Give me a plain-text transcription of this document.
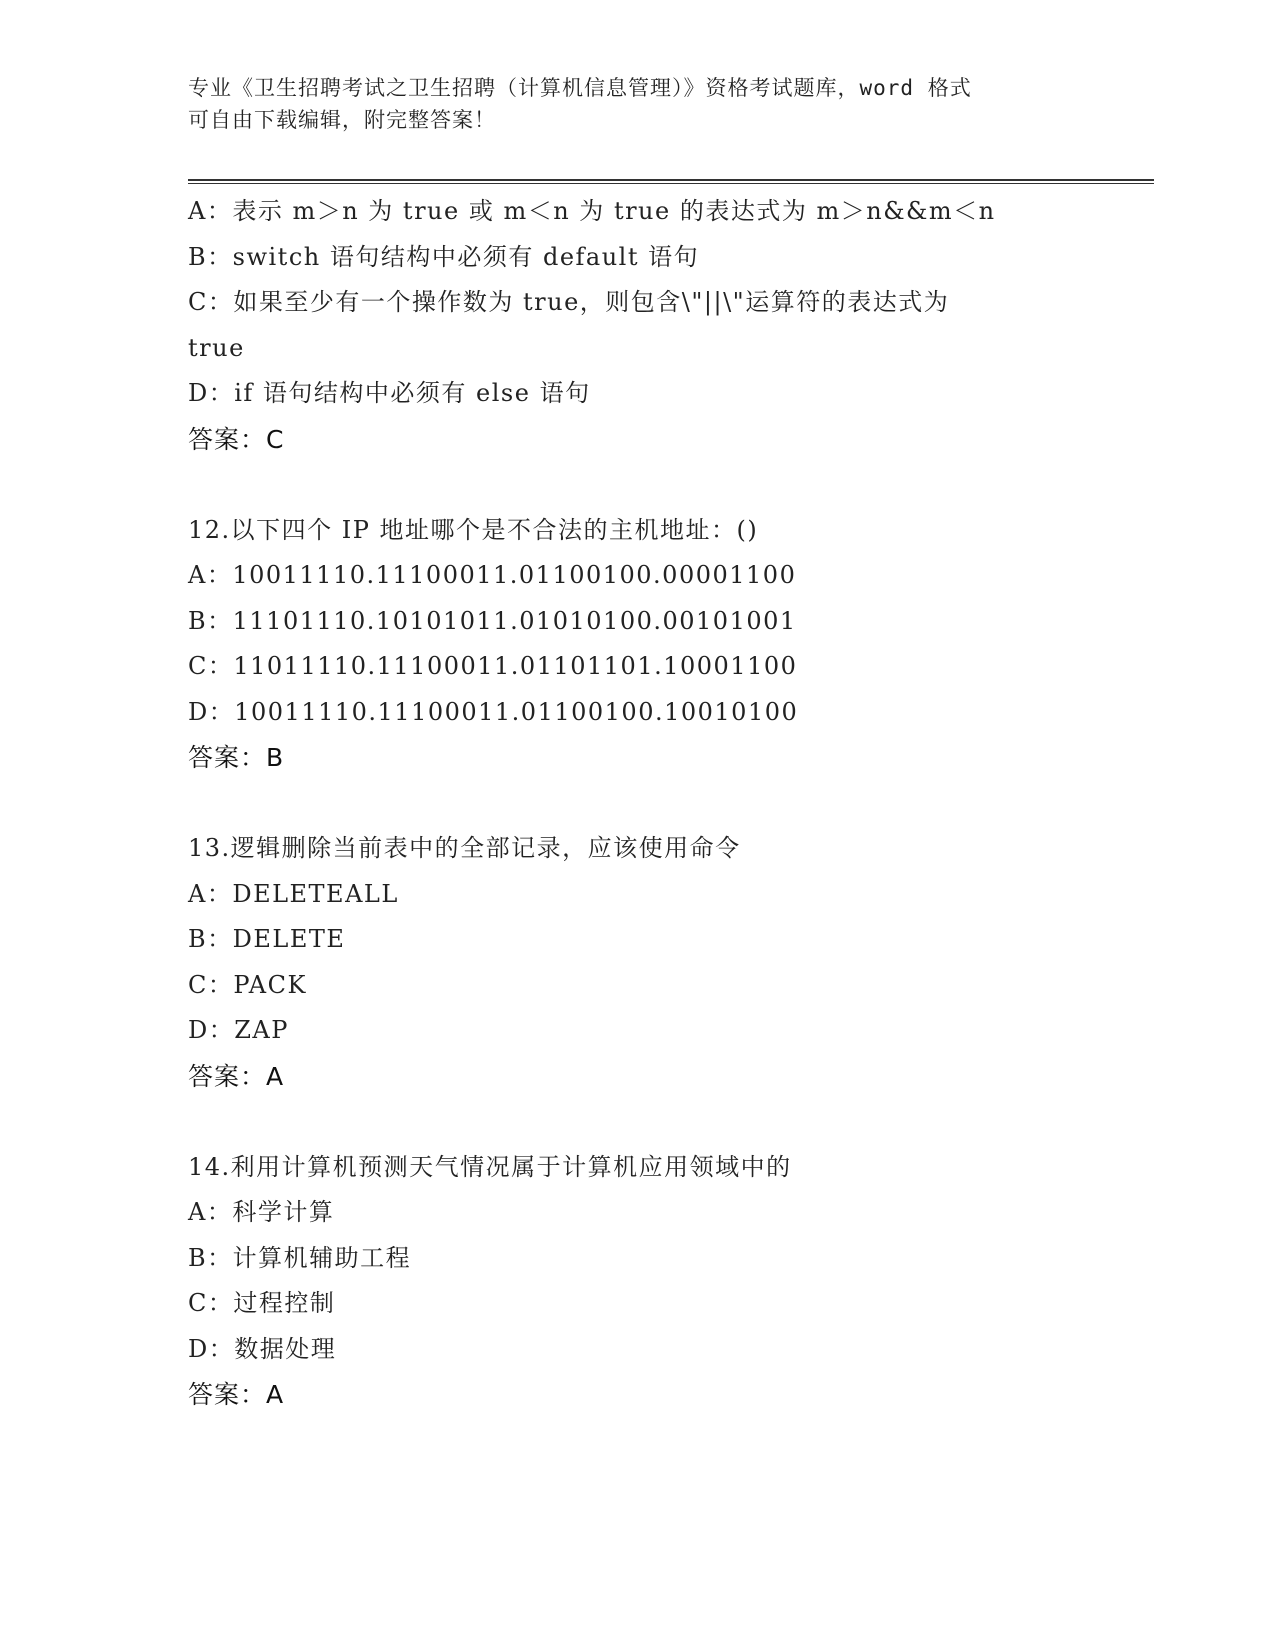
专业《卫生招聘考试之卫生招聘（计算机信息管理）》资格考试题库，word 格式
可自由下载编辑，附完整答案！
A：表示 m＞n 为 true 或 m＜n 为 true 的表达式为 m＞n&&m＜n
B：switch 语句结构中必须有 default 语句
C：如果至少有一个操作数为 true，则包含\"||\"运算符的表达式为
true
D：if 语句结构中必须有 else 语句
答案：C
12.以下四个 IP 地址哪个是不合法的主机地址：()
A：10011110.11100011.01100100.00001100
B：11101110.10101011.01010100.00101001
C：11011110.11100011.01101101.10001100
D：10011110.11100011.01100100.10010100
答案：B
13.逻辑删除当前表中的全部记录，应该使用命令
A：DELETEALL
B：DELETE
C：PACK
D：ZAP
答案：A
14.利用计算机预测天气情况属于计算机应用领域中的
A：科学计算
B：计算机辅助工程
C：过程控制
D：数据处理
答案：A
